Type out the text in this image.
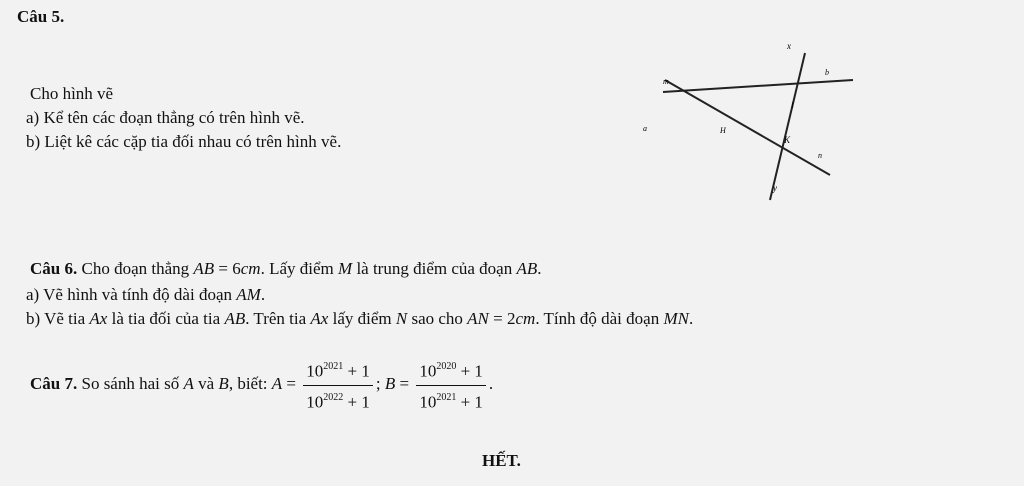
Câu 5.
Cho hình vẽ
a) Kể tên các đoạn thẳng có trên hình vẽ.
b) Liệt kê các cặp tia đối nhau có trên hình vẽ.
x
y
m
n
a
b
H
K
I
Câu 6. Cho đoạn thẳng AB = 6cm. Lấy điểm M là trung điểm của đoạn AB.
a) Vẽ hình và tính độ dài đoạn AM.
b) Vẽ tia Ax là tia đối của tia AB. Trên tia Ax lấy điểm N sao cho AN = 2cm. Tính độ dài đoạn MN.
Câu 7. So sánh hai số A và B, biết: $A = \frac{10^{2021} + 1}{10^{2022} + 1}$ ; $B = \frac{10^{2020} + 1}{10^{2021} + 1}$ .
HẾT.
